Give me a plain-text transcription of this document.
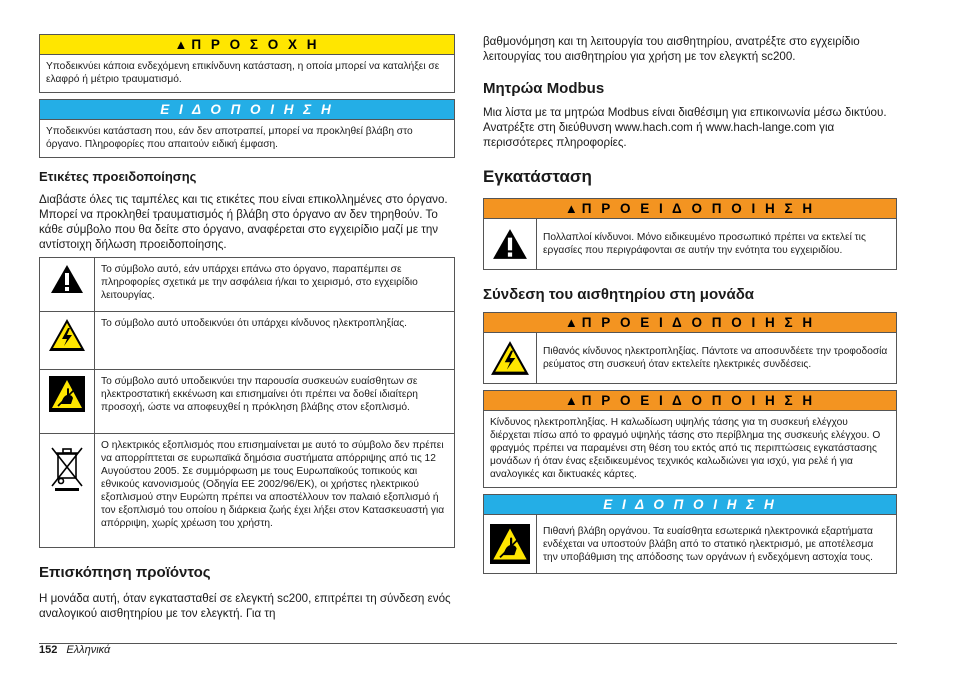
▲ Π Ρ Ο Σ Ο Χ Η
Υποδεικνύει κάποια ενδεχόμενη επικίνδυνη κατάσταση, η οποία μπορεί να καταλήξει σε ελαφρό ή μέτριο τραυματισμό.
Ε Ι Δ Ο Π Ο Ι Η Σ Η
Υποδεικνύει κατάσταση που, εάν δεν αποτραπεί, μπορεί να προκληθεί βλάβη στο όργανο. Πληροφορίες που απαιτούν ειδική έμφαση.
Ετικέτες προειδοποίησης

Διαβάστε όλες τις ταμπέλες και τις ετικέτες που είναι επικολλημένες στο όργανο. Μπορεί να προκληθεί τραυματισμός ή βλάβη στο όργανο αν δεν τηρηθούν. Το κάθε σύμβολο που θα δείτε στο όργανο, αναφέρεται στο εγχειρίδιο μαζί με την αντίστοιχη δήλωση προειδοποίησης.

	Το σύμβολο αυτό, εάν υπάρχει επάνω στο όργανο, παραπέμπει σε πληροφορίες σχετικά με την ασφάλεια ή/και το χειρισμό, στο εγχειρίδιο λειτουργίας.
	Το σύμβολο αυτό υποδεικνύει ότι υπάρχει κίνδυνος ηλεκτροπληξίας.
	Το σύμβολο αυτό υποδεικνύει την παρουσία συσκευών ευαίσθητων σε ηλεκτροστατική εκκένωση και επισημαίνει ότι πρέπει να δοθεί ιδιαίτερη προσοχή, ώστε να αποφευχθεί η πρόκληση βλάβης στον εξοπλισμό.
	Ο ηλεκτρικός εξοπλισμός που επισημαίνεται με αυτό το σύμβολο δεν πρέπει να απορρίπτεται σε ευρωπαϊκά δημόσια συστήματα απόρριψης από τις 12 Αυγούστου 2005. Σε συμμόρφωση με τους Ευρωπαϊκούς τοπικούς και εθνικούς κανονισμούς (Οδηγία ΕΕ 2002/96/ΕΚ), οι χρήστες ηλεκτρικού εξοπλισμού στην Ευρώπη πρέπει να αποστέλλουν τον παλαιό εξοπλισμό ή τον εξοπλισμό του οποίου η διάρκεια ζωής έχει λήξει στον Κατασκευαστή για απόρριψη, χωρίς χρέωση του χρήστη.
Επισκόπηση προϊόντος

Η μονάδα αυτή, όταν εγκατασταθεί σε ελεγκτή sc200, επιτρέπει τη σύνδεση ενός αναλογικού αισθητηρίου με τον ελεγκτή. Για τη

βαθμονόμηση και τη λειτουργία του αισθητηρίου, ανατρέξτε στο εγχειρίδιο λειτουργίας του αισθητηρίου για χρήση με τον ελεγκτή sc200.

Μητρώα Modbus

Μια λίστα με τα μητρώα Modbus είναι διαθέσιμη για επικοινωνία μέσω δικτύου. Ανατρέξτε στη διεύθυνση www.hach.com ή www.hach-lange.com για περισσότερες πληροφορίες.

Εγκατάσταση
▲ Π Ρ Ο Ε Ι Δ Ο Π Ο Ι Η Σ Η
Πολλαπλοί κίνδυνοι. Μόνο ειδικευμένο προσωπικό πρέπει να εκτελεί τις εργασίες που περιγράφονται σε αυτήν την ενότητα του εγχειριδίου.
Σύνδεση του αισθητηρίου στη μονάδα
▲ Π Ρ Ο Ε Ι Δ Ο Π Ο Ι Η Σ Η
Πιθανός κίνδυνος ηλεκτροπληξίας. Πάντοτε να αποσυνδέετε την τροφοδοσία ρεύματος στη συσκευή όταν εκτελείτε ηλεκτρικές συνδέσεις.
▲ Π Ρ Ο Ε Ι Δ Ο Π Ο Ι Η Σ Η
Κίνδυνος ηλεκτροπληξίας. Η καλωδίωση υψηλής τάσης για τη συσκευή ελέγχου διέρχεται πίσω από το φραγμό υψηλής τάσης στο περίβλημα της συσκευής ελέγχου. Ο φραγμός πρέπει να παραμένει στη θέση του εκτός από τις περιπτώσεις εγκατάστασης μονάδων ή όταν ένας εξειδικευμένος τεχνικός καλωδιώνει για ισχύ, για ρελέ ή για αναλογικές και δικτυακές κάρτες.
Ε Ι Δ Ο Π Ο Ι Η Σ Η
Πιθανή βλάβη οργάνου. Τα ευαίσθητα εσωτερικά ηλεκτρονικά εξαρτήματα ενδέχεται να υποστούν βλάβη από το στατικό ηλεκτρισμό, με αποτέλεσμα την υποβάθμιση της απόδοσης των οργάνων ή ενδεχόμενη αστοχία τους.
152 Ελληνικά
